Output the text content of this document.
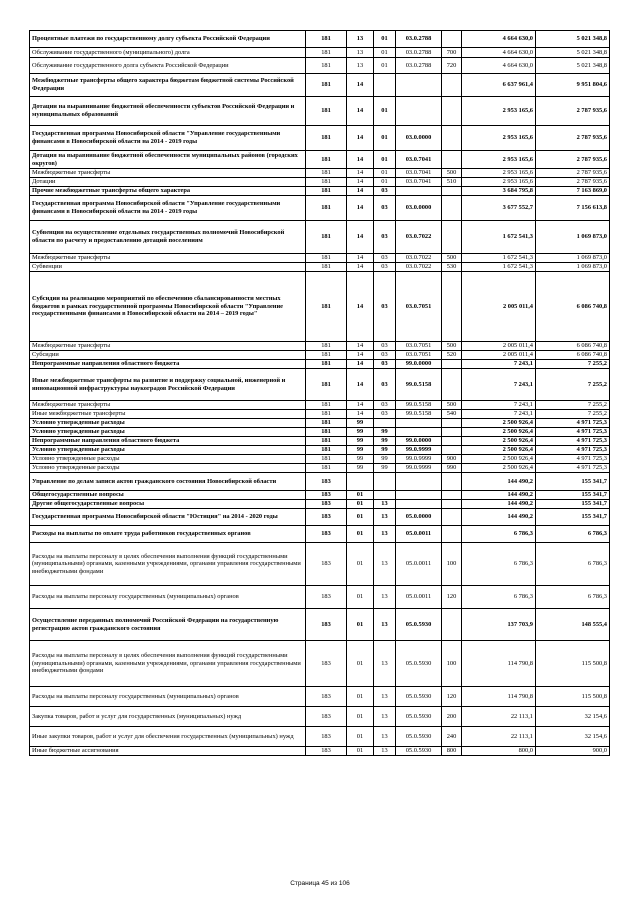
Процентные платежи по государственному долгу субъекта Российской Федерации	181	13	01	03.0.2788		4 664 630,0	5 021 348,8
Обслуживание государственного (муниципального) долга	181	13	01	03.0.2788	700	4 664 630,0	5 021 348,8
Обслуживание государственного долга субъекта Российской Федерации	181	13	01	03.0.2788	720	4 664 630,0	5 021 348,8
Межбюджетные трансферты общего характера бюджетам бюджетной системы Российской Федерации	181	14				6 637 961,4	9 951 804,6
Дотации на выравнивание бюджетной обеспеченности субъектов Российской Федерации и муниципальных образований	181	14	01			2 953 165,6	2 787 935,6
Государственная программа Новосибирской области "Управление государственными финансами в Новосибирской области на 2014 - 2019 годы	181	14	01	03.0.0000		2 953 165,6	2 787 935,6
Дотация на выравнивание бюджетной обеспеченности муниципальных районов (городских округов)	181	14	01	03.0.7041		2 953 165,6	2 787 935,6
Межбюджетные трансферты	181	14	01	03.0.7041	500	2 953 165,6	2 787 935,6
Дотации	181	14	01	03.0.7041	510	2 953 165,6	2 787 935,6
Прочие межбюджетные трансферты общего характера	181	14	03			3 684 795,8	7 163 869,0
Государственная программа Новосибирской области "Управление государственными финансами в Новосибирской области на 2014 - 2019 годы	181	14	03	03.0.0000		3 677 552,7	7 156 613,8
Субвенции на осуществление отдельных государственных полномочий Новосибирской области по расчету и предоставлению дотаций поселениям	181	14	03	03.0.7022		1 672 541,3	1 069 873,0
Межбюджетные трансферты	181	14	03	03.0.7022	500	1 672 541,3	1 069 873,0
Субвенции	181	14	03	03.0.7022	530	1 672 541,3	1 069 873,0
Субсидии на реализацию мероприятий по обеспечению сбалансированности местных бюджетов в рамках государственной программы Новосибирской области "Управление государственными финансами в Новосибирской области на 2014 – 2019 годы"	181	14	03	03.0.7051		2 005 011,4	6 086 740,8
Межбюджетные трансферты	181	14	03	03.0.7051	500	2 005 011,4	6 086 740,8
Субсидии	181	14	03	03.0.7051	520	2 005 011,4	6 086 740,8
Непрограммные направления областного бюджета	181	14	03	99.0.0000		7 243,1	7 255,2
Иные межбюджетные трансферты на развитие и поддержку социальной, инженерной и инновационной инфраструктуры наукоградов Российской Федерации	181	14	03	99.0.5158		7 243,1	7 255,2
Межбюджетные трансферты	181	14	03	99.0.5158	500	7 243,1	7 255,2
Иные межбюджетные трансферты	181	14	03	99.0.5158	540	7 243,1	7 255,2
Условно утвержденные расходы	181	99				2 500 926,4	4 971 725,3
Условно утвержденные расходы	181	99	99			2 500 926,4	4 971 725,3
Непрограммные направления областного бюджета	181	99	99	99.0.0000		2 500 926,4	4 971 725,3
Условно утвержденные расходы	181	99	99	99.0.9999		2 500 926,4	4 971 725,3
Условно утвержденные расходы	181	99	99	99.0.9999	900	2 500 926,4	4 971 725,3
Условно утвержденные расходы	181	99	99	99.0.9999	990	2 500 926,4	4 971 725,3
Управление по делам записи актов гражданского состояния Новосибирской области	183					144 490,2	155 341,7
Общегосударственные вопросы	183	01				144 490,2	155 341,7
Другие общегосударственные вопросы	183	01	13			144 490,2	155 341,7
Государственная программа Новосибирской области "Юстиция" на 2014 - 2020 годы	183	01	13	05.0.0000		144 490,2	155 341,7
Расходы на выплаты по оплате труда работников государственных органов	183	01	13	05.0.0011		6 786,3	6 786,3
Расходы на выплаты персоналу в целях обеспечения выполнения функций государственными (муниципальными) органами, казенными учреждениями, органами управления государственными внебюджетными фондами	183	01	13	05.0.0011	100	6 786,3	6 786,3
Расходы на выплаты персоналу государственных (муниципальных) органов	183	01	13	05.0.0011	120	6 786,3	6 786,3
Осуществление переданных полномочий Российской Федерации на государственную регистрацию актов гражданского состояния	183	01	13	05.0.5930		137 703,9	148 555,4
Расходы на выплаты персоналу в целях обеспечения выполнения функций государственными (муниципальными) органами, казенными учреждениями, органами управления государственными внебюджетными фондами	183	01	13	05.0.5930	100	114 790,8	115 500,8
Расходы на выплаты персоналу государственных (муниципальных) органов	183	01	13	05.0.5930	120	114 790,8	115 500,8
Закупка товаров, работ и услуг для государственных (муниципальных) нужд	183	01	13	05.0.5930	200	22 113,1	32 154,6
Иные закупки товаров, работ и услуг для обеспечения государственных (муниципальных) нужд	183	01	13	05.0.5930	240	22 113,1	32 154,6
Иные бюджетные ассигнования	183	01	13	05.0.5930	800	800,0	900,0
Страница 45 из 106
